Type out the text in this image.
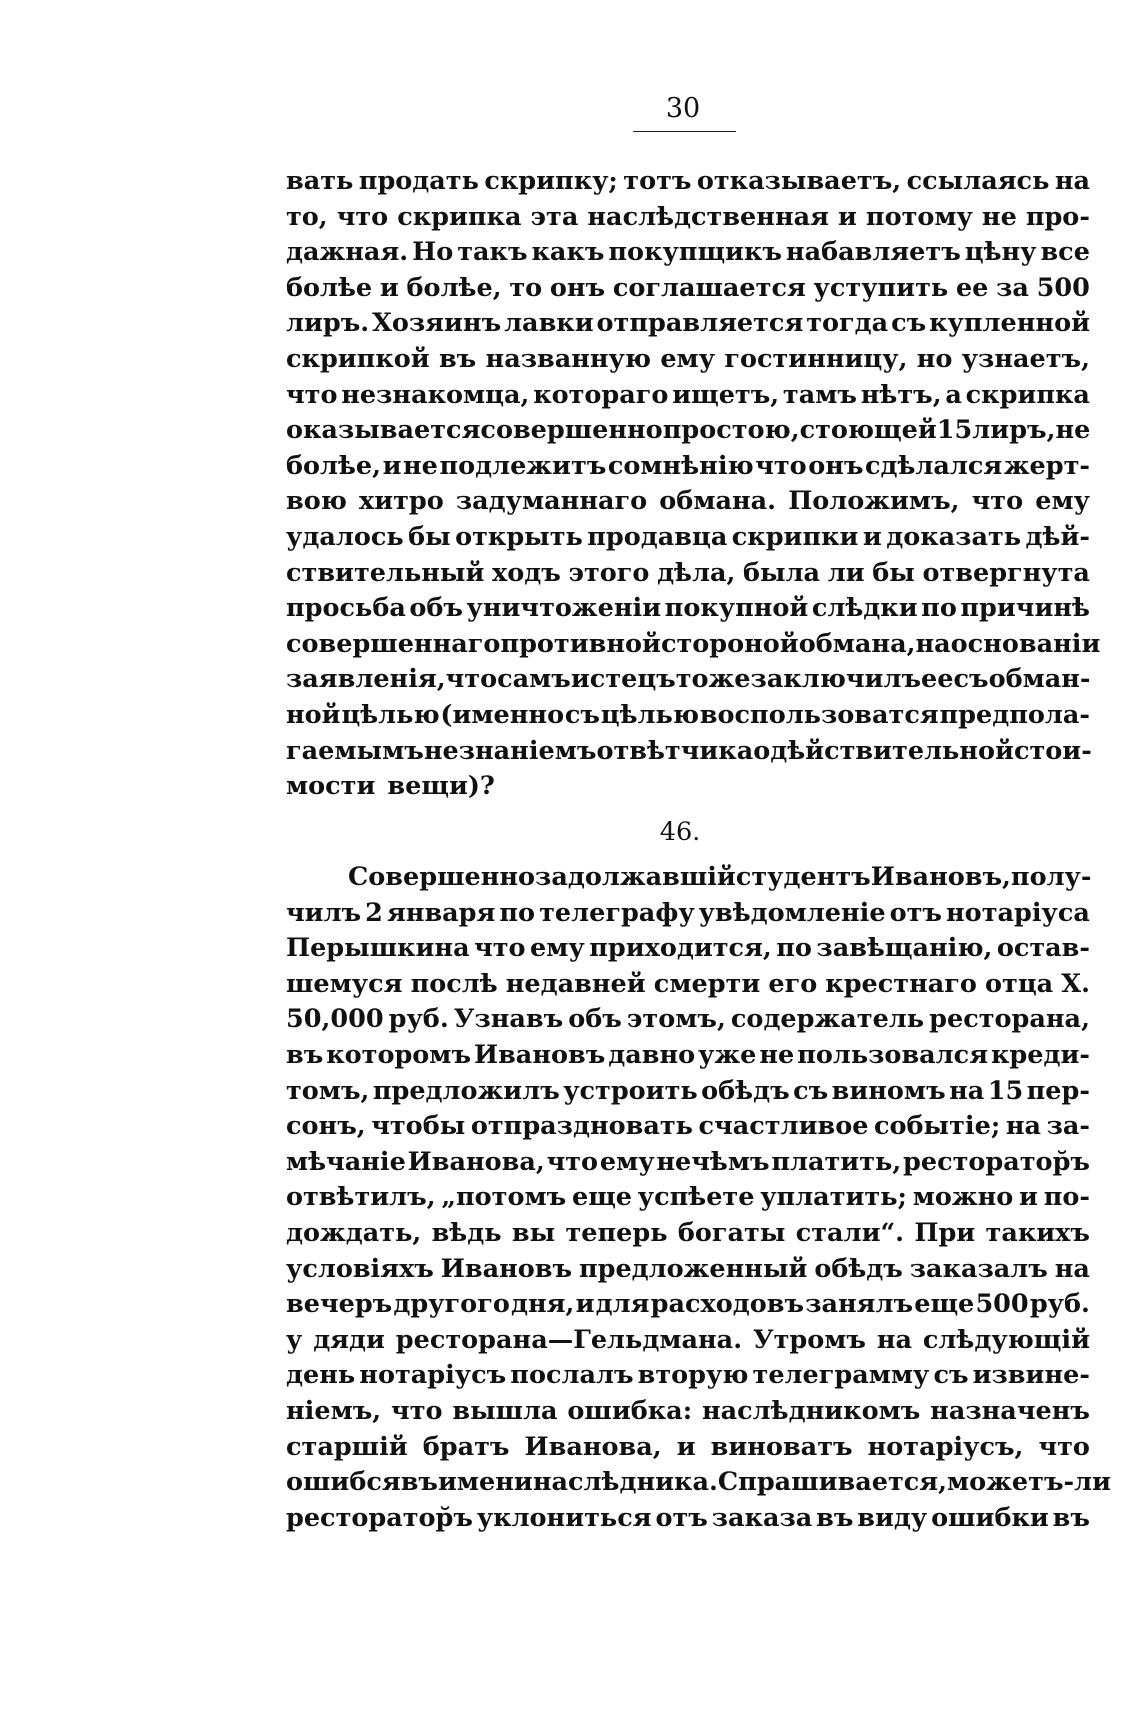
30
вать продать скрипку; тотъ отказываетъ, ссылаясь на
то, что скрипка эта наслѣдственная и потому не про-
дажная. Но такъ какъ покупщикъ набавляетъ цѣну все
болѣе и болѣе, то онъ соглашается уступить ее за 500
лиръ. Хозяинъ лавки отправляется тогда съ купленной
скрипкой въ названную ему гостинницу, но узнаетъ,
что незнакомца, котораго ищетъ, тамъ нѣтъ, а скрипка
оказывается совершенно простою, стоющей 15 лиръ, не
болѣе, и не подлежитъ сомнѣнію что онъ сдѣлался жерт-
вою хитро задуманнаго обмана. Положимъ, что ему
удалось бы открыть продавца скрипки и доказать дѣй-
ствительный ходъ этого дѣла, была ли бы отвергнута
просьба объ уничтоженіи покупной слѣдки по причинѣ
совершеннаго противной стороной обмана, на основаніи
заявленія, что самъ истецъ тоже заключилъ ее съ обман-
ной цѣлью (именно съ цѣлью воспользоватся предпола-
гаемымъ незнаніемъ отвѣтчика о дѣйствительной стои-
мости вещи)?
46.
Совершенно задолжавшій студентъ Ивановъ, полу-
чилъ 2 января по телеграфу увѣдомленіе отъ нотаріуса
Перышкина что ему приходится, по завѣщанію, остав-
шемуся послѣ недавней смерти его крестнаго отца Х.
50,000 руб. Узнавъ объ этомъ, содержатель ресторана,
въ которомъ Ивановъ давно уже не пользовался креди-
томъ, предложилъ устроить обѣдъ съ виномъ на 15 пер-
сонъ, чтобы отпраздновать счастливое событіе; на за-
мѣчаніе Иванова, что ему нечѣмъ платить, ресторатор̆ъ
отвѣтилъ, „потомъ еще успѣете уплатить; можно и по-
дождать, вѣдь вы теперь богаты стали“. При такихъ
условіяхъ Ивановъ предложенный обѣдъ заказалъ на
вечеръ другого дня, и для расходовъ занялъ еще 500 руб.
у дяди ресторана—Гельдмана. Утромъ на слѣдующій
день нотаріусъ послалъ вторую телеграмму съ извине-
ніемъ, что вышла ошибка: наслѣдникомъ назначенъ
старшій братъ Иванова, и виноватъ нотаріусъ, что
ошибся въ имени наслѣдника. Спрашивается, можетъ-ли
ресторатор̆ъ уклониться отъ заказа въ виду ошибки въ
